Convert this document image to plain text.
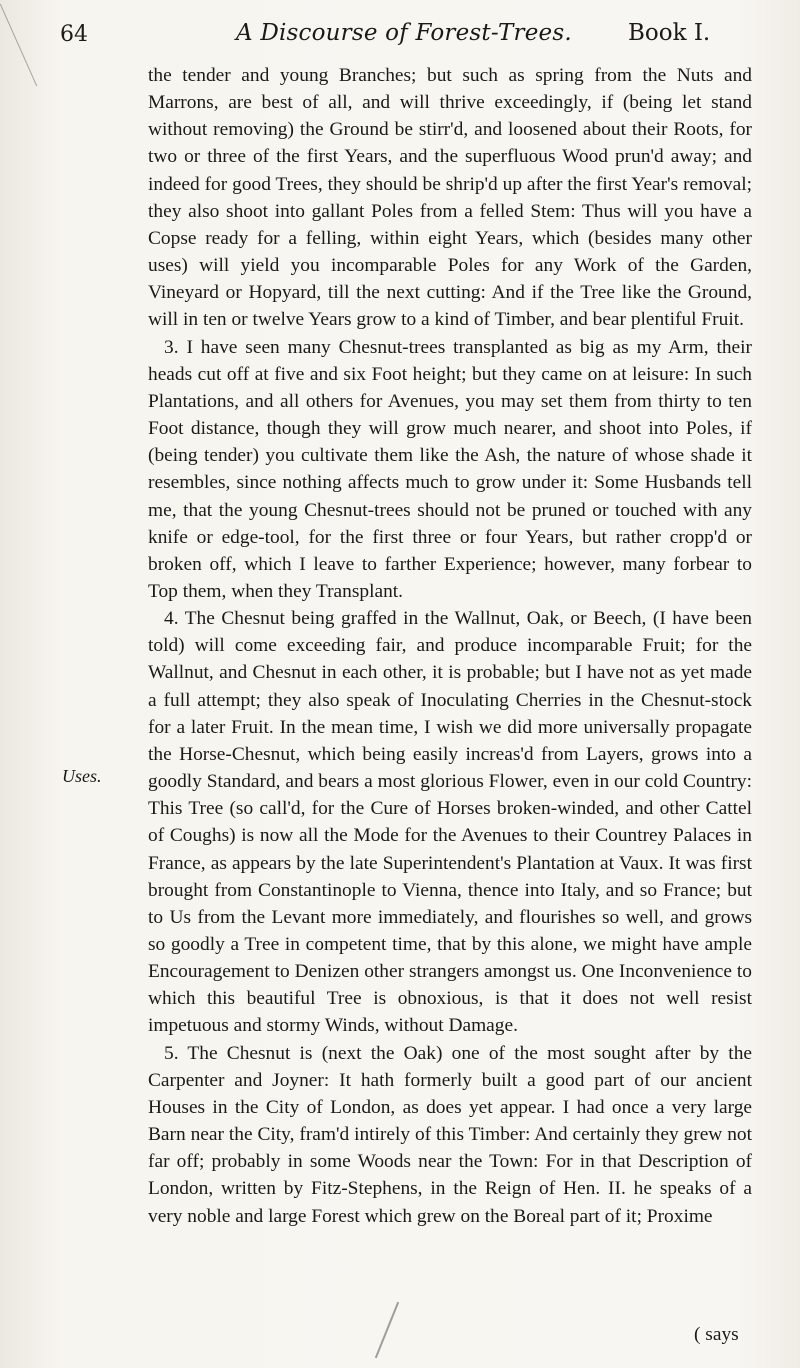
64	A Discourse of Forest-Trees. Book I.

the tender and young Branches; but such as spring from the Nuts and Marrons, are best of all, and will thrive exceedingly, if (being let stand without removing) the Ground be stirr'd, and loosened about their Roots, for two or three of the first Years, and the superfluous Wood prun'd away; and indeed for good Trees, they should be shrip'd up after the first Year's removal; they also shoot into gallant Poles from a felled Stem: Thus will you have a Copse ready for a felling, within eight Years, which (besides many other uses) will yield you incomparable Poles for any Work of the Garden, Vineyard or Hopyard, till the next cutting: And if the Tree like the Ground, will in ten or twelve Years grow to a kind of Timber, and bear plentiful Fruit.

3. I have seen many Chesnut-trees transplanted as big as my Arm, their heads cut off at five and six Foot height; but they came on at leisure: In such Plantations, and all others for Avenues, you may set them from thirty to ten Foot distance, though they will grow much nearer, and shoot into Poles, if (being tender) you cultivate them like the Ash, the nature of whose shade it resembles, since nothing affects much to grow under it: Some Husbands tell me, that the young Chesnut-trees should not be pruned or touched with any knife or edge-tool, for the first three or four Years, but rather cropp'd or broken off, which I leave to farther Experience; however, many forbear to Top them, when they Transplant.

4. The Chesnut being graffed in the Wallnut, Oak, or Beech, (I have been told) will come exceeding fair, and produce incomparable Fruit; for the Wallnut, and Chesnut in each other, it is probable; but I have not as yet made a full attempt; they also speak of Inoculating Cherries in the Chesnut-stock for a later Fruit. In the mean time, I wish we did more universally propagate the Horse-Chesnut, which being easily increas'd from Layers, grows into a goodly Standard, and bears a most glorious Flower, even in our cold Country: This Tree (so call'd, for the Cure of Horses broken-winded, and other Cattel of Coughs) is now all the Mode for the Avenues to their Countrey Palaces in France, as appears by the late Superintendent's Plantation at Vaux. It was first brought from Constantinople to Vienna, thence into Italy, and so France; but to Us from the Levant more immediately, and flourishes so well, and grows so goodly a Tree in competent time, that by this alone, we might have ample Encouragement to Denizen other strangers amongst us. One Inconvenience to which this beautiful Tree is obnoxious, is that it does not well resist impetuous and stormy Winds, without Damage.

5. The Chesnut is (next the Oak) one of the most sought after by the Carpenter and Joyner: It hath formerly built a good part of our ancient Houses in the City of London, as does yet appear. I had once a very large Barn near the City, fram'd intirely of this Timber: And certainly they grew not far off; probably in some Woods near the Town: For in that Description of London, written by Fitz-Stephens, in the Reign of Hen. II. he speaks of a very noble and large Forest which grew on the Boreal part of it; Proxime

Uses.
( says
